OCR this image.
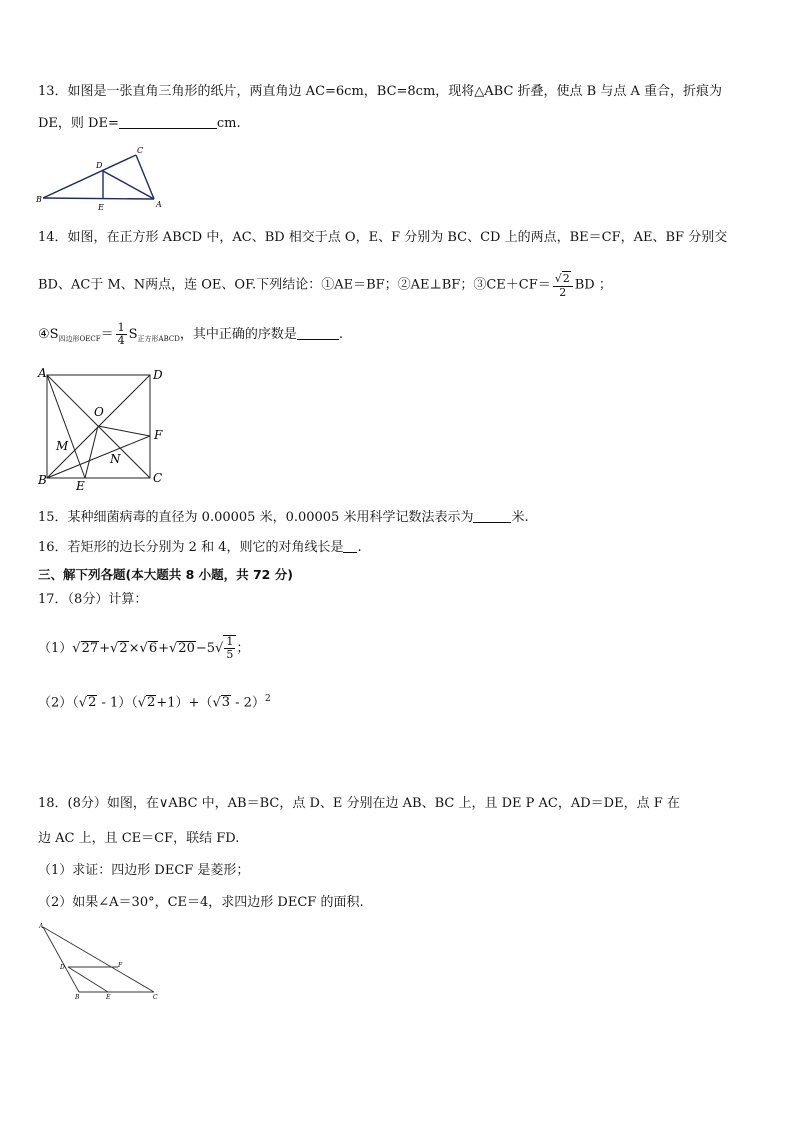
13．如图是一张直角三角形的纸片，两直角边 AC=6cm，BC=8cm，现将△ABC 折叠，使点 B 与点 A 重合，折痕为
DE，则 DE=	cm.
B
A
C
D
E
14．如图，在正方形 ABCD 中，AC、BD 相交于点 O，E、F 分别为 BC、CD 上的两点，BE＝CF，AE、BF 分别交
BD、AC于 M、N两点，连 OE、OF.下列结论：①AE＝BF；②AE⊥BF；③CE＋CF＝ $\frac{√2}{2}$ BD ；
$④S_{四边形OECF}= \frac{1}{4} S_{正方形ABCD}$，其中正确的序数是	.
A	D
B	C
O
F
M
N
E
15．某种细菌病毒的直径为 0.00005 米，0.00005 米用科学记数法表示为	米.
16．若矩形的边长分别为 2 和 4，则它的对角线长是 .
三、解下列各题(本大题共 8 小题，共 72 分)
17．（8分）计算：
$(1)√27+√2\times√6+√20-5√ \frac{1}{5}$ ；
（2）（√2 - 1）（√2+1）+（√3 - 2）$^2$
18．(8分）如图，在∨ABC 中，AB＝BC，点 D、E 分别在边 AB、BC 上，且 DE P AC，AD＝DE，点 F 在
边 AC 上，且 CE＝CF，联结 FD.
（1）求证：四边形 DECF 是菱形；
（2）如果∠A＝30°，CE＝4，求四边形 DECF 的面积.
A
D	F
B	E	C
